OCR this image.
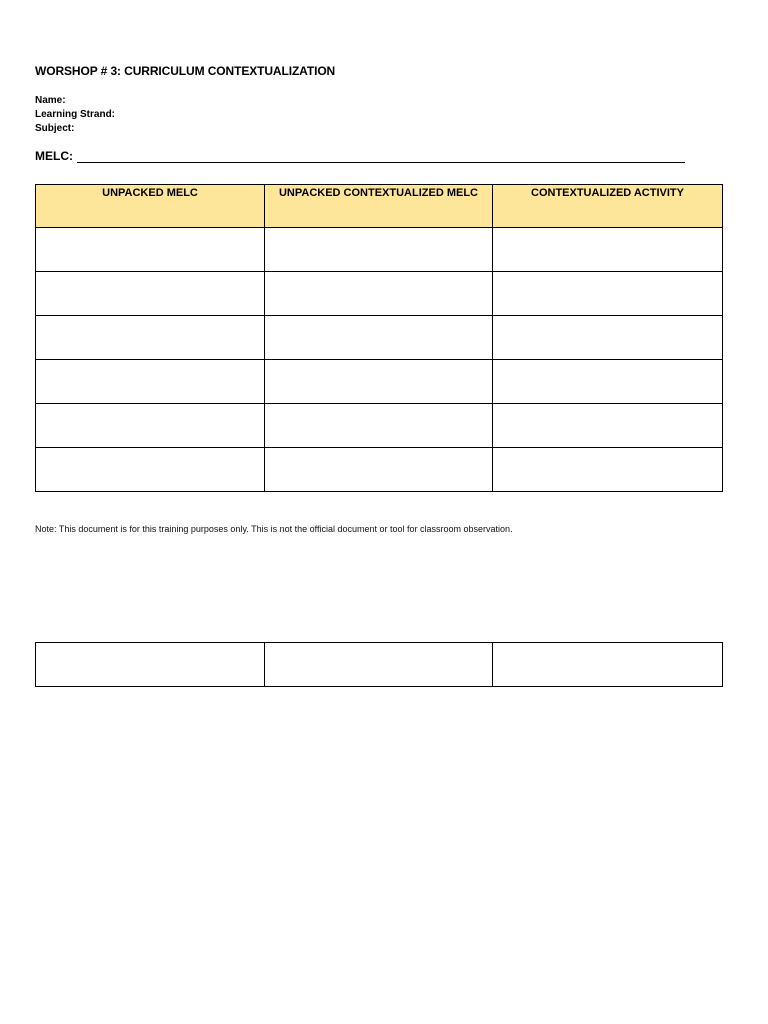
WORSHOP # 3: CURRICULUM CONTEXTUALIZATION
Name:
Learning Strand:
Subject:
MELC:
UNPACKED MELC	UNPACKED CONTEXTUALIZED MELC	CONTEXTUALIZED ACTIVITY

Note: This document is for this training purposes only. This is not the official document or tool for classroom observation.
